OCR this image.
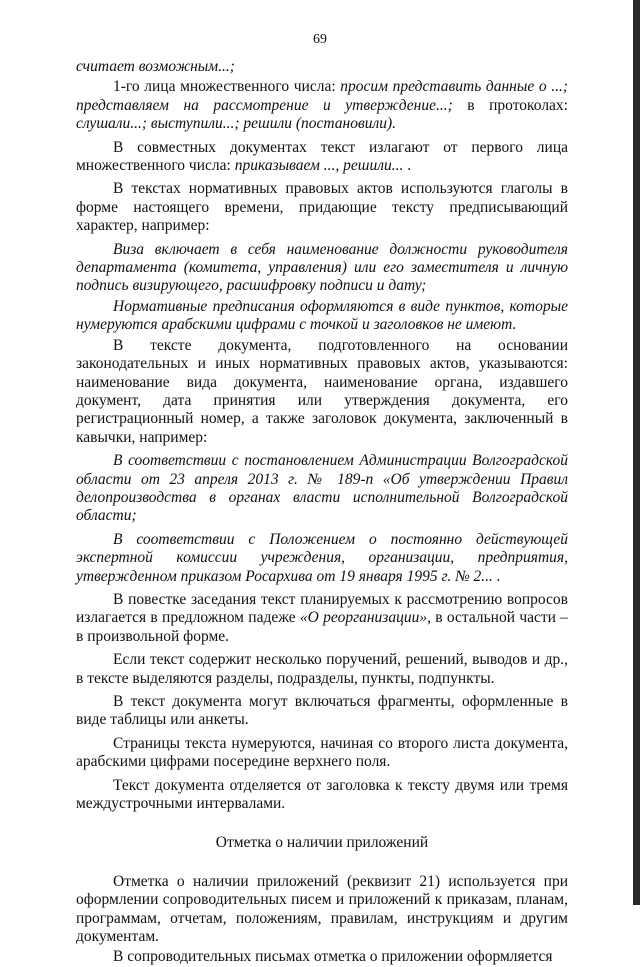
69

считает возможным...;

1-го лица множественного числа: просим представить данные о ...; представляем на рассмотрение и утверждение...; в протоколах: слушали...; выступили...; решили (постановили).

В совместных документах текст излагают от первого лица множественного числа: приказываем ..., решили... .

В текстах нормативных правовых актов используются глаголы в форме настоящего времени, придающие тексту предписывающий характер, например:

Виза включает в себя наименование должности руководителя департамента (комитета, управления) или его заместителя и личную подпись визирующего, расшифровку подписи и дату;

Нормативные предписания оформляются в виде пунктов, которые нумеруются арабскими цифрами с точкой и заголовков не имеют.

В тексте документа, подготовленного на основании законодательных и иных нормативных правовых актов, указываются: наименование вида документа, наименование органа, издавшего документ, дата принятия или утверждения документа, его регистрационный номер, а также заголовок документа, заключенный в кавычки, например:

В соответствии с постановлением Администрации Волгоградской области от 23 апреля 2013 г. № 189-п «Об утверждении Правил делопроизводства в органах власти исполнительной Волгоградской области;

В соответствии с Положением о постоянно действующей экспертной комиссии учреждения, организации, предприятия, утвержденном приказом Росархива от 19 января 1995 г. № 2... .

В повестке заседания текст планируемых к рассмотрению вопросов излагается в предложном падеже «О реорганизации», в остальной части – в произвольной форме.

Если текст содержит несколько поручений, решений, выводов и др., в тексте выделяются разделы, подразделы, пункты, подпункты.

В текст документа могут включаться фрагменты, оформленные в виде таблицы или анкеты.

Страницы текста нумеруются, начиная со второго листа документа, арабскими цифрами посередине верхнего поля.

Текст документа отделяется от заголовка к тексту двумя или тремя междустрочными интервалами.

Отметка о наличии приложений

Отметка о наличии приложений (реквизит 21) используется при оформлении сопроводительных писем и приложений к приказам, планам, программам, отчетам, положениям, правилам, инструкциям и другим документам.

В сопроводительных письмах отметка о приложении оформляется
